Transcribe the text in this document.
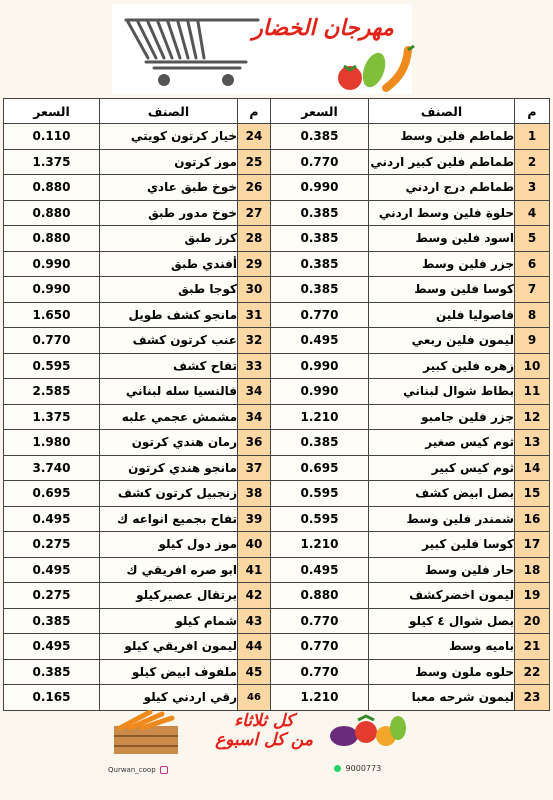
مهرجان الخضار
السعر	الصنف	م	السعر	الصنف	م
0.110	خيار كرتون كويتي	24	0.385	طماطم فلين وسط	1
1.375	موز كرتون	25	0.770	طماطم فلين كبير اردني	2
0.880	خوخ طبق عادي	26	0.990	طماطم درج اردني	3
0.880	خوخ مدور طبق	27	0.385	حلوة فلين وسط اردني	4
0.880	كرز طبق	28	0.385	اسود فلين وسط	5
0.990	أفندي طبق	29	0.385	جزر فلين وسط	6
0.990	كوجا طبق	30	0.385	كوسا فلين وسط	7
1.650	مانجو كشف طويل	31	0.770	فاصوليا فلين	8
0.770	عنب كرتون كشف	32	0.495	ليمون فلين ربعي	9
0.595	تفاح كشف	33	0.990	زهره فلين كبير	10
2.585	فالنسيا سله لبناني	34	0.990	بطاط شوال لبناني	11
1.375	مشمش عجمي علبه	34	1.210	جزر فلين جامبو	12
1.980	رمان هندي كرتون	36	0.385	ثوم كيس صغير	13
3.740	مانجو هندي كرتون	37	0.695	ثوم كيس كبير	14
0.695	زنجبيل كرتون كشف	38	0.595	بصل ابيض كشف	15
0.495	تفاح بجميع انواعه ك	39	0.595	شمندر فلين وسط	16
0.275	موز دول كيلو	40	1.210	كوسا فلين كبير	17
0.495	ابو صره افريقي ك	41	0.495	حار فلين وسط	18
0.275	برتقال عصيركيلو	42	0.880	ليمون اخضركشف	19
0.385	شمام كيلو	43	0.770	بصل شوال ٤ كيلو	20
0.495	ليمون افريقي كيلو	44	0.770	باميه وسط	21
0.385	ملفوف ابيض كيلو	45	0.770	حلوه ملون وسط	22
0.165	رقي اردني كيلو	46	1.210	ليمون شرحه معبا	23
Qurwan_coop
كل ثلاثاء
من كل اسبوع
9000773
